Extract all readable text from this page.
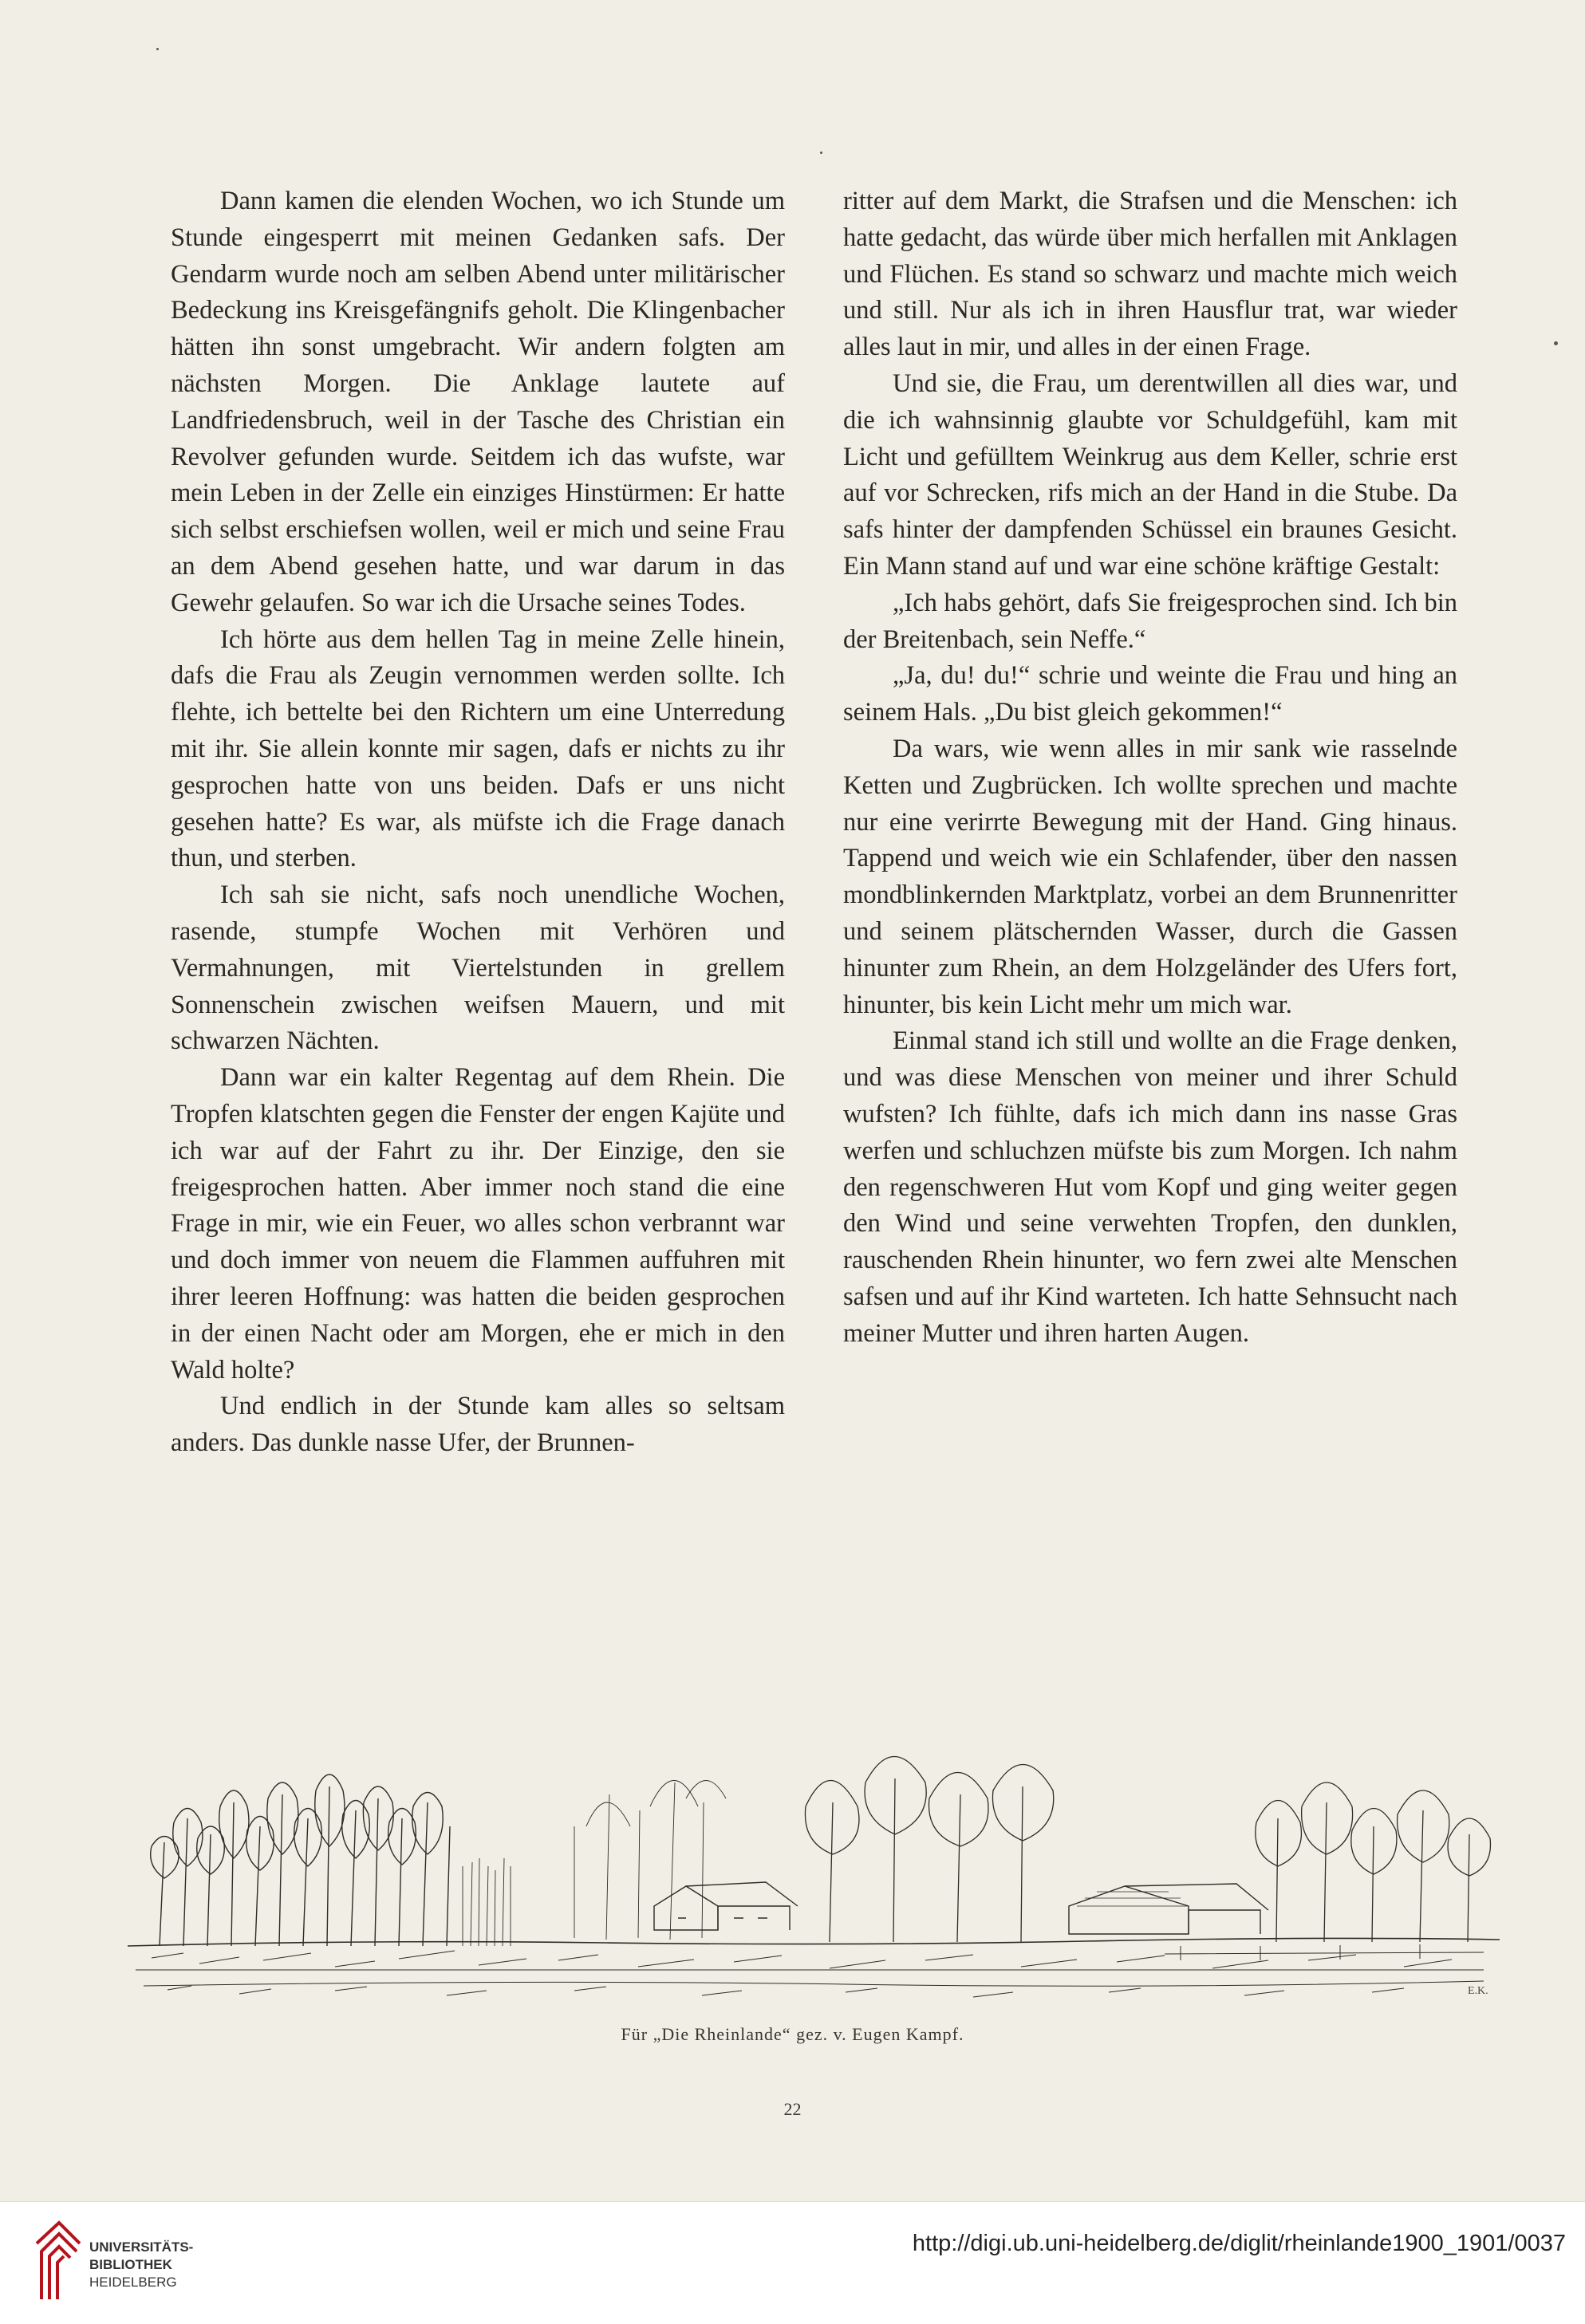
Dann kamen die elenden Wochen, wo ich Stunde um Stunde eingesperrt mit meinen Gedanken safs. Der Gendarm wurde noch am selben Abend unter militärischer Bedeckung ins Kreisgefängnifs geholt. Die Klingenbacher hätten ihn sonst umgebracht. Wir andern folgten am nächsten Morgen. Die Anklage lautete auf Landfriedensbruch, weil in der Tasche des Christian ein Revolver gefunden wurde. Seitdem ich das wufste, war mein Leben in der Zelle ein einziges Hinstürmen: Er hatte sich selbst erschiefsen wollen, weil er mich und seine Frau an dem Abend gesehen hatte, und war darum in das Gewehr gelaufen. So war ich die Ursache seines Todes.

Ich hörte aus dem hellen Tag in meine Zelle hinein, dafs die Frau als Zeugin vernommen werden sollte. Ich flehte, ich bettelte bei den Richtern um eine Unterredung mit ihr. Sie allein konnte mir sagen, dafs er nichts zu ihr gesprochen hatte von uns beiden. Dafs er uns nicht gesehen hatte? Es war, als müfste ich die Frage danach thun, und sterben.

Ich sah sie nicht, safs noch unendliche Wochen, rasende, stumpfe Wochen mit Verhören und Vermahnungen, mit Viertelstunden in grellem Sonnenschein zwischen weifsen Mauern, und mit schwarzen Nächten.

Dann war ein kalter Regentag auf dem Rhein. Die Tropfen klatschten gegen die Fenster der engen Kajüte und ich war auf der Fahrt zu ihr. Der Einzige, den sie freigesprochen hatten. Aber immer noch stand die eine Frage in mir, wie ein Feuer, wo alles schon verbrannt war und doch immer von neuem die Flammen auffuhren mit ihrer leeren Hoffnung: was hatten die beiden gesprochen in der einen Nacht oder am Morgen, ehe er mich in den Wald holte?

Und endlich in der Stunde kam alles so seltsam anders. Das dunkle nasse Ufer, der Brunnen-

ritter auf dem Markt, die Strafsen und die Menschen: ich hatte gedacht, das würde über mich herfallen mit Anklagen und Flüchen. Es stand so schwarz und machte mich weich und still. Nur als ich in ihren Hausflur trat, war wieder alles laut in mir, und alles in der einen Frage.

Und sie, die Frau, um derentwillen all dies war, und die ich wahnsinnig glaubte vor Schuldgefühl, kam mit Licht und gefülltem Weinkrug aus dem Keller, schrie erst auf vor Schrecken, rifs mich an der Hand in die Stube. Da safs hinter der dampfenden Schüssel ein braunes Gesicht. Ein Mann stand auf und war eine schöne kräftige Gestalt:

„Ich habs gehört, dafs Sie freigesprochen sind. Ich bin der Breitenbach, sein Neffe.“

„Ja, du! du!“ schrie und weinte die Frau und hing an seinem Hals. „Du bist gleich gekommen!“

Da wars, wie wenn alles in mir sank wie rasselnde Ketten und Zugbrücken. Ich wollte sprechen und machte nur eine verirrte Bewegung mit der Hand. Ging hinaus. Tappend und weich wie ein Schlafender, über den nassen mondblinkernden Marktplatz, vorbei an dem Brunnenritter und seinem plätschernden Wasser, durch die Gassen hinunter zum Rhein, an dem Holzgeländer des Ufers fort, hinunter, bis kein Licht mehr um mich war.

Einmal stand ich still und wollte an die Frage denken, und was diese Menschen von meiner und ihrer Schuld wufsten? Ich fühlte, dafs ich mich dann ins nasse Gras werfen und schluchzen müfste bis zum Morgen. Ich nahm den regenschweren Hut vom Kopf und ging weiter gegen den Wind und seine verwehten Tropfen, den dunklen, rauschenden Rhein hinunter, wo fern zwei alte Menschen safsen und auf ihr Kind warteten. Ich hatte Sehnsucht nach meiner Mutter und ihren harten Augen.

E.K.
Für „Die Rheinlande“ gez. v. Eugen Kampf.
22
UNIVERSITÄTS-
BIBLIOTHEK
HEIDELBERG
http://digi.ub.uni-heidelberg.de/diglit/rheinlande1900_1901/0037
